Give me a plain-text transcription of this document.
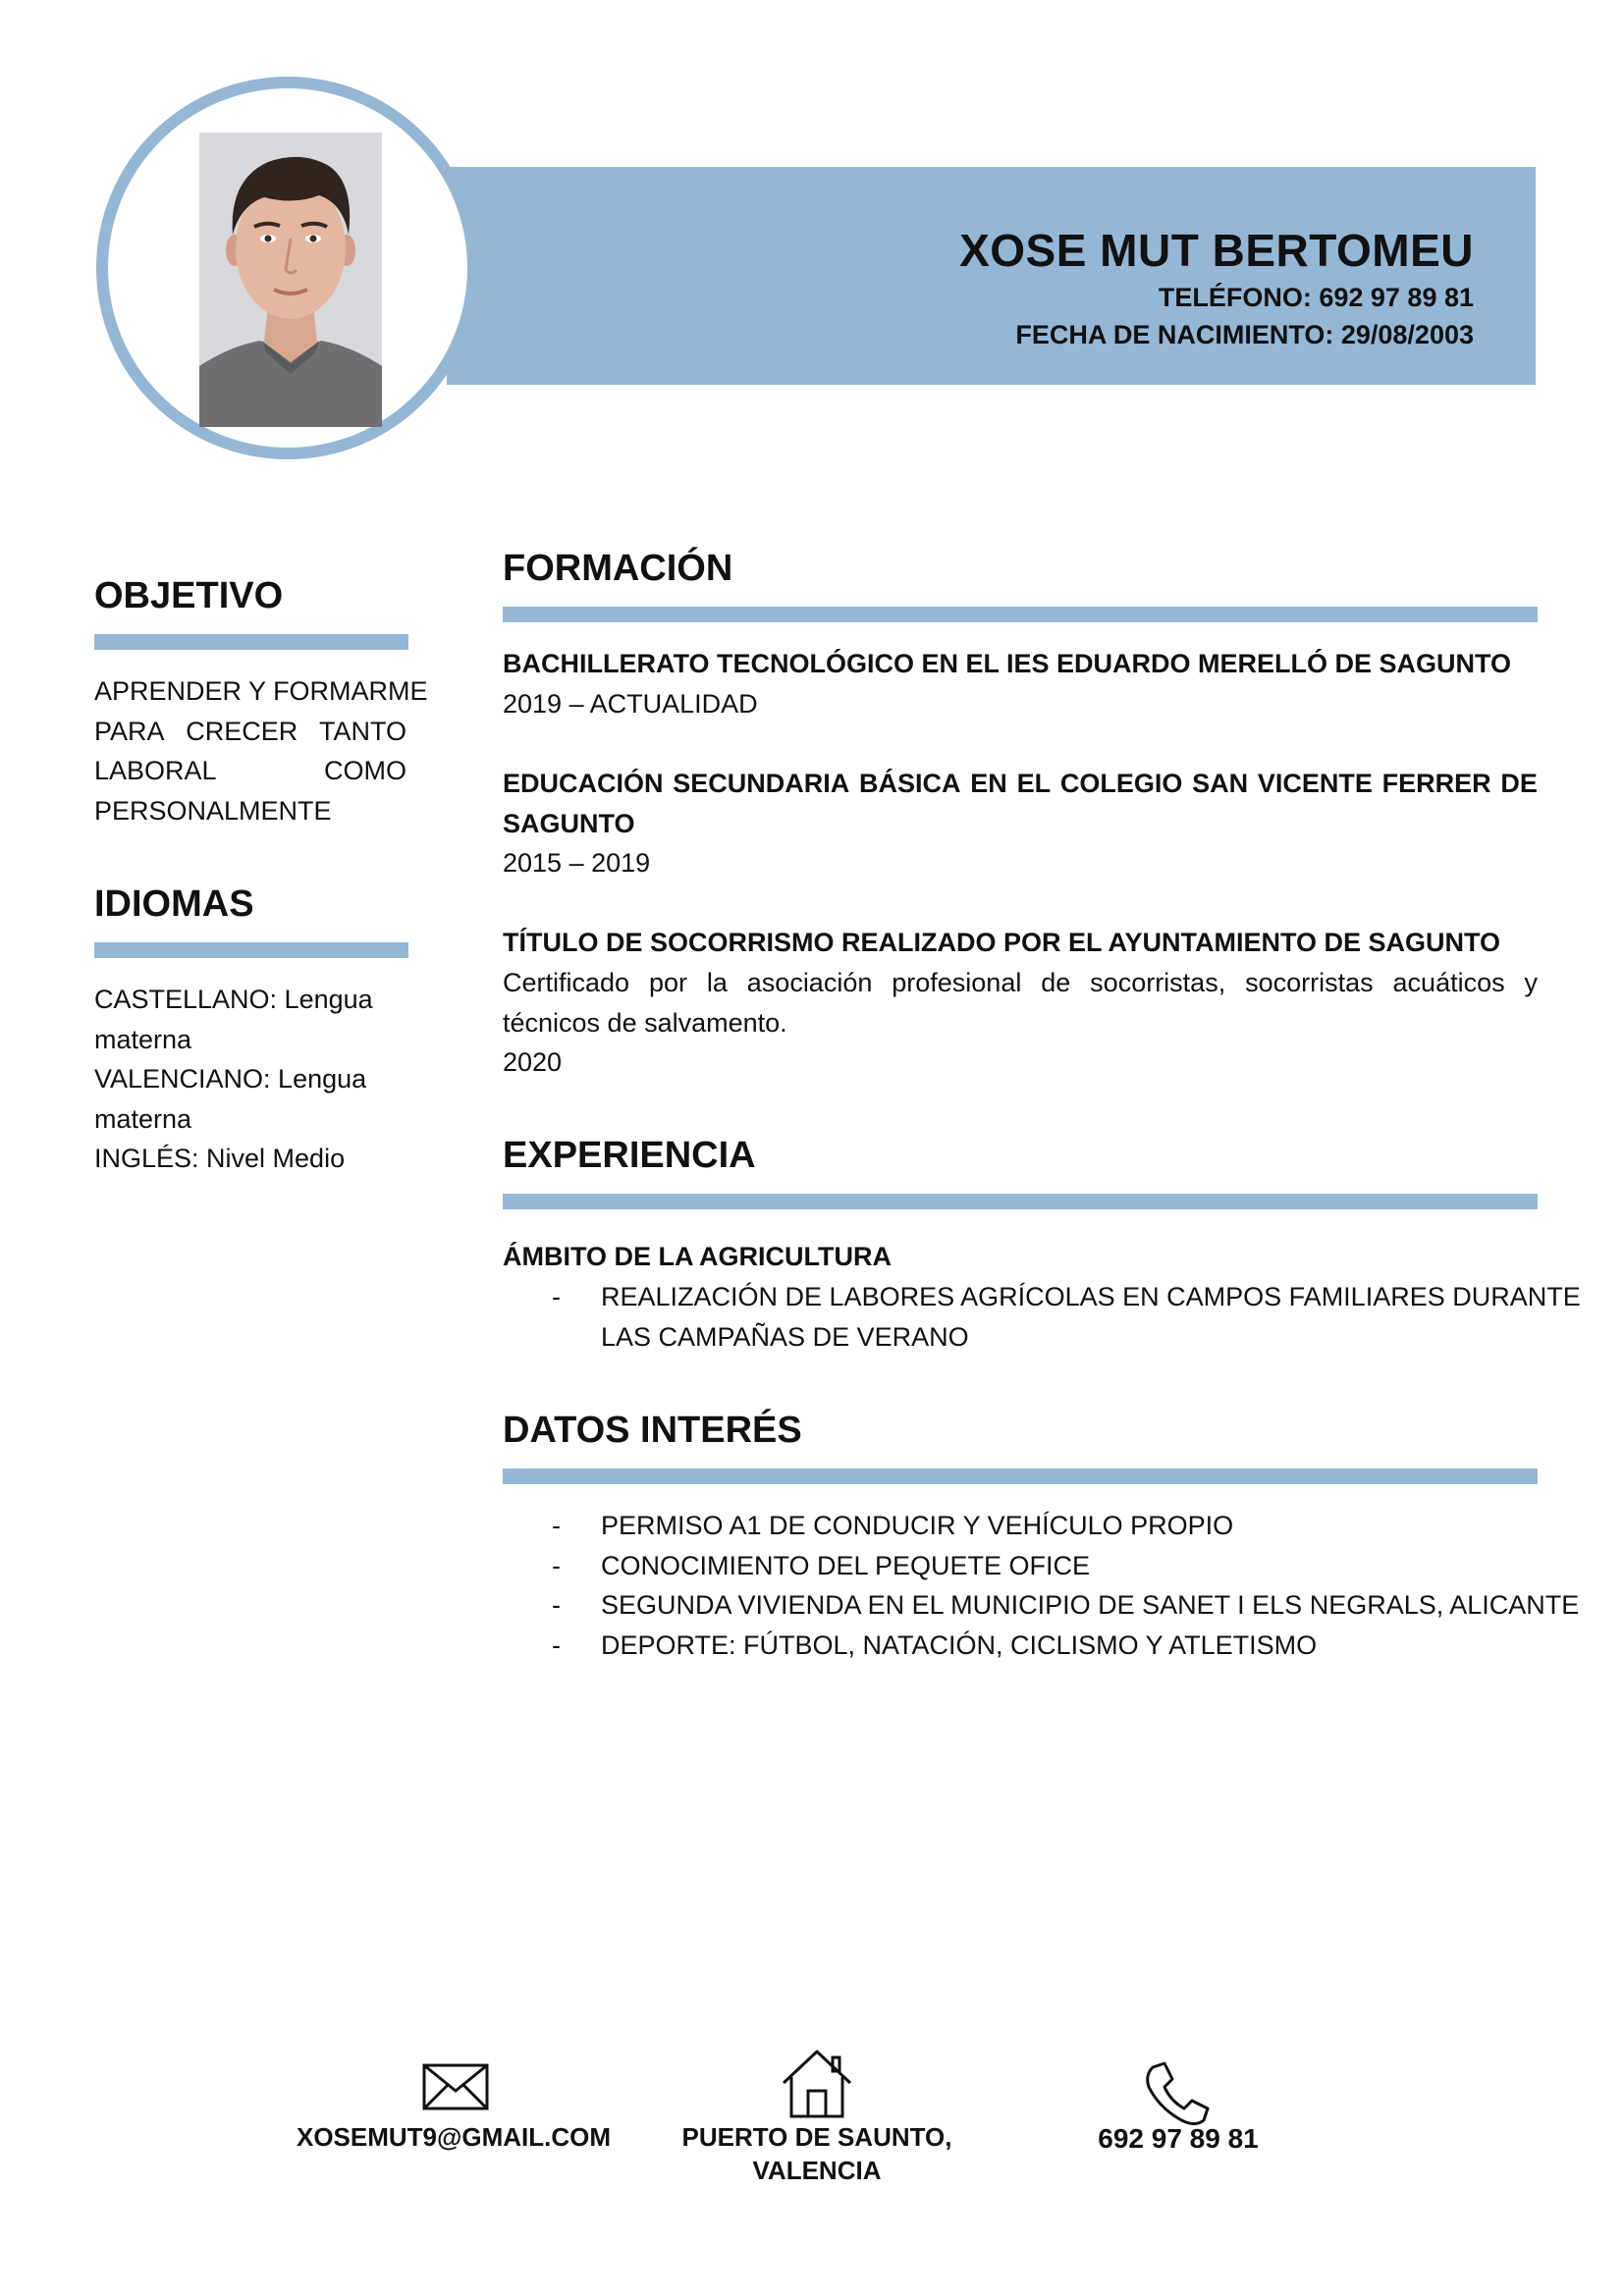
XOSE MUT BERTOMEU
TELÉFONO: 692 97 89 81
FECHA DE NACIMIENTO: 29/08/2003
OBJETIVO
APRENDER Y FORMARME
PARA CRECER TANTO
LABORAL	COMO
PERSONALMENTE
IDIOMAS
CASTELLANO: Lengua
materna
VALENCIANO: Lengua
materna
INGLÉS: Nivel Medio
FORMACIÓN
BACHILLERATO TECNOLÓGICO EN EL IES EDUARDO MERELLÓ DE SAGUNTO
2019 – ACTUALIDAD
EDUCACIÓN SECUNDARIA BÁSICA EN EL COLEGIO SAN VICENTE FERRER DE
SAGUNTO
2015 – 2019
TÍTULO DE SOCORRISMO REALIZADO POR EL AYUNTAMIENTO DE SAGUNTO
Certificado por la asociación profesional de socorristas, socorristas acuáticos y
técnicos de salvamento.
2020
EXPERIENCIA
ÁMBITO DE LA AGRICULTURA
- REALIZACIÓN DE LABORES AGRÍCOLAS EN CAMPOS FAMILIARES DURANTE
LAS CAMPAÑAS DE VERANO
DATOS INTERÉS
- PERMISO A1 DE CONDUCIR Y VEHÍCULO PROPIO
- CONOCIMIENTO DEL PEQUETE OFICE
- SEGUNDA VIVIENDA EN EL MUNICIPIO DE SANET I ELS NEGRALS, ALICANTE
- DEPORTE: FÚTBOL, NATACIÓN, CICLISMO Y ATLETISMO
XOSEMUT9@GMAIL.COM	PUERTO DE SAUNTO,
VALENCIA
692 97 89 81
